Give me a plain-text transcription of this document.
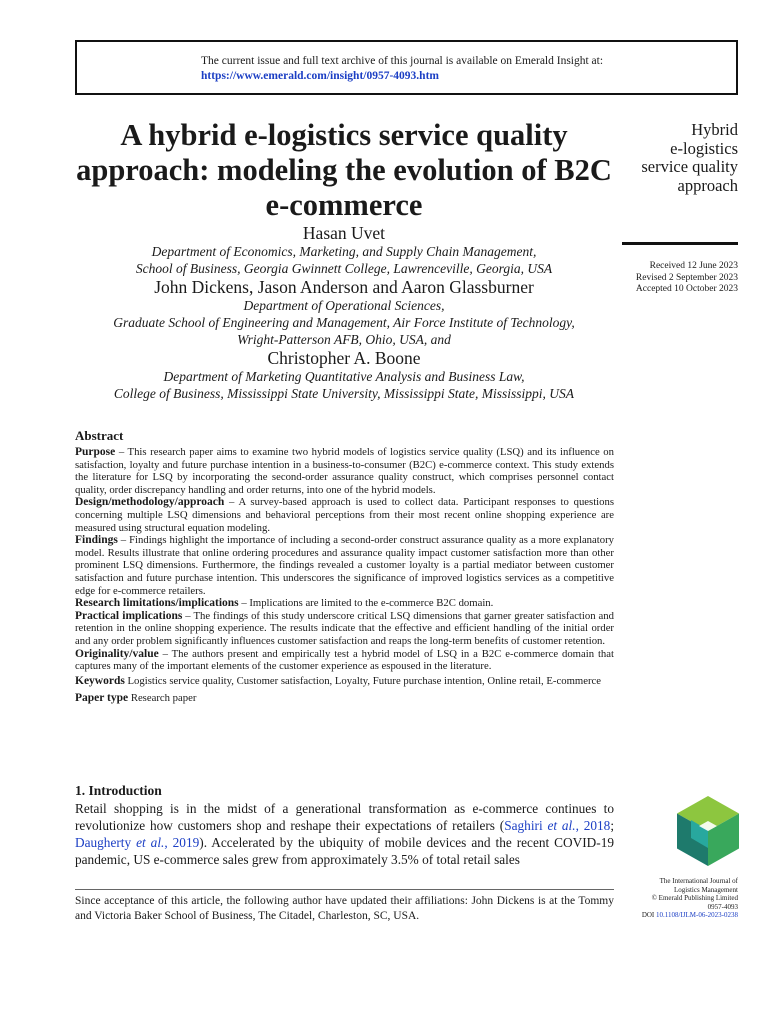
The current issue and full text archive of this journal is available on Emerald Insight at:
https://www.emerald.com/insight/0957-4093.htm
A hybrid e-logistics service quality approach: modeling the evolution of B2C e-commerce
Hybrid
e-logistics
service quality
approach
Received 12 June 2023
Revised 2 September 2023
Accepted 10 October 2023
Hasan Uvet
Department of Economics, Marketing, and Supply Chain Management,
School of Business, Georgia Gwinnett College, Lawrenceville, Georgia, USA
John Dickens, Jason Anderson and Aaron Glassburner
Department of Operational Sciences,
Graduate School of Engineering and Management, Air Force Institute of Technology,
Wright-Patterson AFB, Ohio, USA, and
Christopher A. Boone
Department of Marketing Quantitative Analysis and Business Law,
College of Business, Mississippi State University, Mississippi State, Mississippi, USA
Abstract

Purpose – This research paper aims to examine two hybrid models of logistics service quality (LSQ) and its influence on satisfaction, loyalty and future purchase intention in a business-to-consumer (B2C) e-commerce context. This study extends the literature for LSQ by incorporating the second-order assurance quality construct, which comprises personnel contact quality, order discrepancy handling and order returns, into one of the hybrid models.

Design/methodology/approach – A survey-based approach is used to collect data. Participant responses to questions concerning multiple LSQ dimensions and behavioral perceptions from their most recent online shopping experience are measured using structural equation modeling.

Findings – Findings highlight the importance of including a second-order construct assurance quality as a more explanatory model. Results illustrate that online ordering procedures and assurance quality impact customer satisfaction more than other prominent LSQ dimensions. Furthermore, the findings revealed a customer loyalty is a partial mediator between customer satisfaction and future purchase intention. This underscores the significance of improved logistics services as a competitive edge for e-commerce retailers.

Research limitations/implications – Implications are limited to the e-commerce B2C domain.

Practical implications – The findings of this study underscore critical LSQ dimensions that garner greater satisfaction and retention in the online shopping experience. The results indicate that the effective and efficient handling of the initial order and any order problem significantly influences customer satisfaction and reaps the long-term benefits of customer retention.

Originality/value – The authors present and empirically test a hybrid model of LSQ in a B2C e-commerce domain that captures many of the important elements of the customer experience as espoused in the literature.

Keywords Logistics service quality, Customer satisfaction, Loyalty, Future purchase intention, Online retail, E-commerce

Paper type Research paper

1. Introduction

Retail shopping is in the midst of a generational transformation as e-commerce continues to revolutionize how customers shop and reshape their expectations of retailers (Saghiri et al., 2018; Daugherty et al., 2019). Accelerated by the ubiquity of mobile devices and the recent COVID-19 pandemic, US e-commerce sales grew from approximately 3.5% of total retail sales

Since acceptance of this article, the following author have updated their affiliations: John Dickens is at the Tommy and Victoria Baker School of Business, The Citadel, Charleston, SC, USA.

The International Journal of
Logistics Management
© Emerald Publishing Limited
0957-4093
DOI 10.1108/IJLM-06-2023-0238
